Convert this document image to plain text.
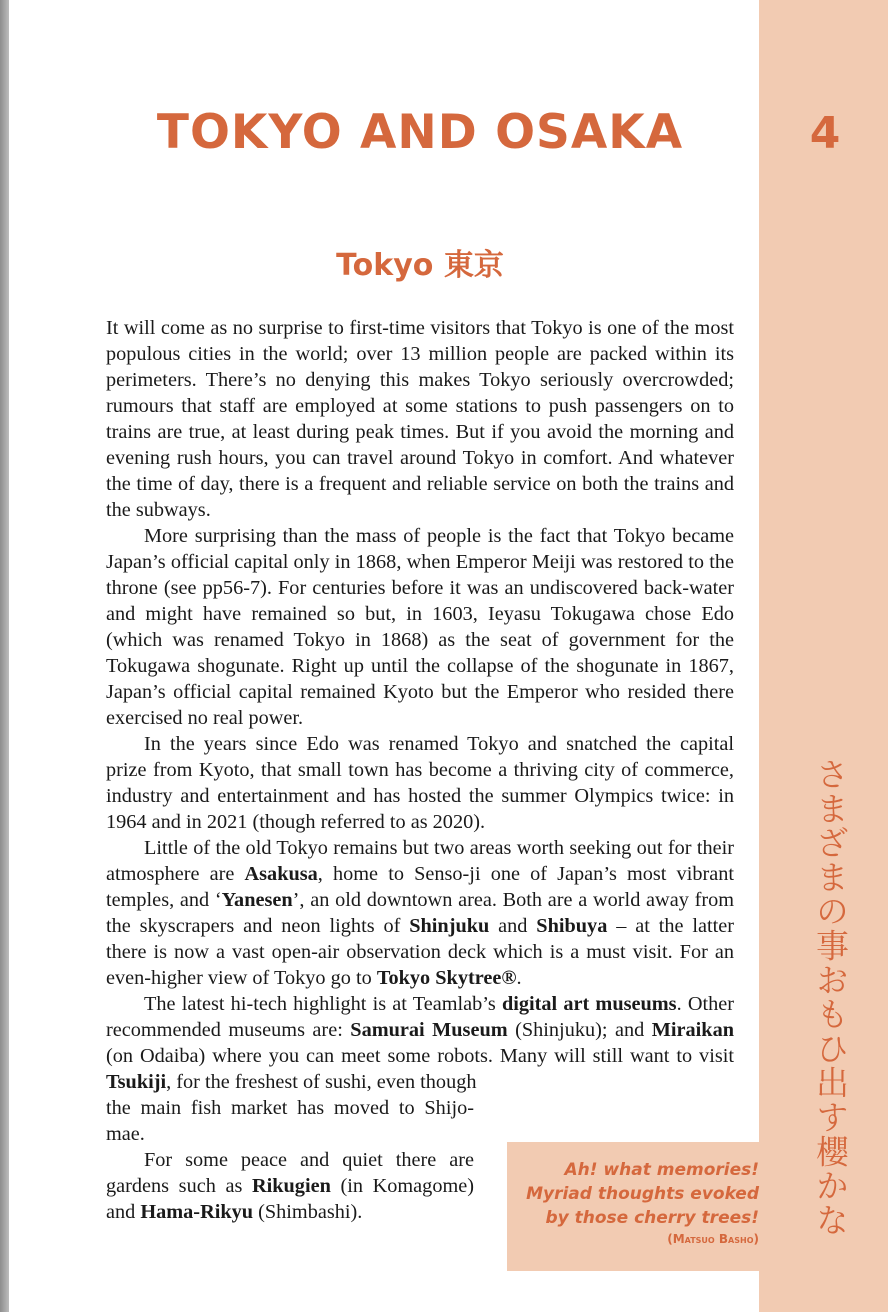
TOKYO AND OSAKA	4
Tokyo 東京

It will come as no surprise to first-time visitors that Tokyo is one of the most populous cities in the world; over 13 million people are packed within its perimeters. There’s no denying this makes Tokyo seriously overcrowded; rumours that staff are employed at some stations to push passengers on to trains are true, at least during peak times. But if you avoid the morning and evening rush hours, you can travel around Tokyo in comfort. And whatever the time of day, there is a frequent and reliable service on both the trains and the subways.

More surprising than the mass of people is the fact that Tokyo became Japan’s official capital only in 1868, when Emperor Meiji was restored to the throne (see pp56-7). For centuries before it was an undiscovered back-water and might have remained so but, in 1603, Ieyasu Tokugawa chose Edo (which was renamed Tokyo in 1868) as the seat of government for the Tokugawa shogunate. Right up until the collapse of the shogunate in 1867, Japan’s official capital remained Kyoto but the Emperor who resided there exercised no real power.

In the years since Edo was renamed Tokyo and snatched the capital prize from Kyoto, that small town has become a thriving city of commerce, industry and entertainment and has hosted the summer Olympics twice: in 1964 and in 2021 (though referred to as 2020).

Little of the old Tokyo remains but two areas worth seeking out for their atmosphere are Asakusa, home to Senso-ji one of Japan’s most vibrant temples, and ‘Yanesen’, an old downtown area. Both are a world away from the skyscrapers and neon lights of Shinjuku and Shibuya – at the latter there is now a vast open-air observation deck which is a must visit. For an even-higher view of Tokyo go to Tokyo Skytree®.

The latest hi-tech highlight is at Teamlab’s digital art museums. Other recommended museums are: Samurai Museum (Shinjuku); and Miraikan (on Odaiba) where you can meet some robots. Many will still want to visit Tsukiji, for the freshest of sushi, even though

the main fish market has moved to Shijo-mae.

For some peace and quiet there are gardens such as Rikugien (in Komagome) and Hama-Rikyu (Shimbashi).	さまざまの事おもひ出す櫻かな
Ah! what memories!
Myriad thoughts evoked
by those cherry trees!
(Matsuo Basho)
